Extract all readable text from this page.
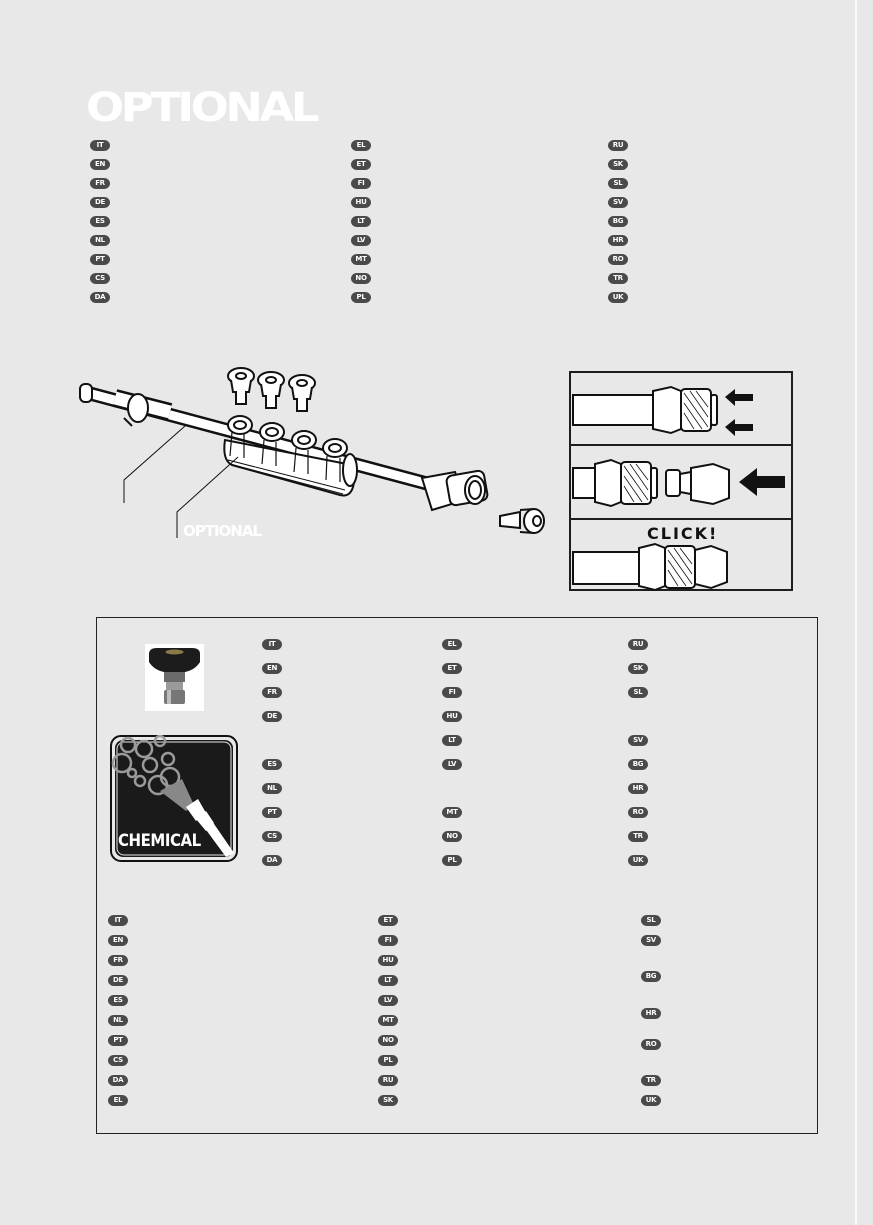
OPTIONAL
IT
EN
FR
DE
ES
NL
PT
CS
DA
EL
ET
FI
HU
LT
LV
MT
NO
PL
RU
SK
SL
SV
BG
HR
RO
TR
UK
OPTIONAL	CLICK!
CHEMICAL
IT
EN
FR
DE
ES
NL
PT
CS
DA
EL
ET
FI
HU
LT
LV
MT
NO
PL
RU
SK
SL
SV
BG
HR
RO
TR
UK
IT
EN
FR
DE
ES
NL
PT
CS
DA
EL
ET
FI
HU
LT
LV
MT
NO
PL
RU
SK
SL
SV
BG
HR
RO
TR
UK
